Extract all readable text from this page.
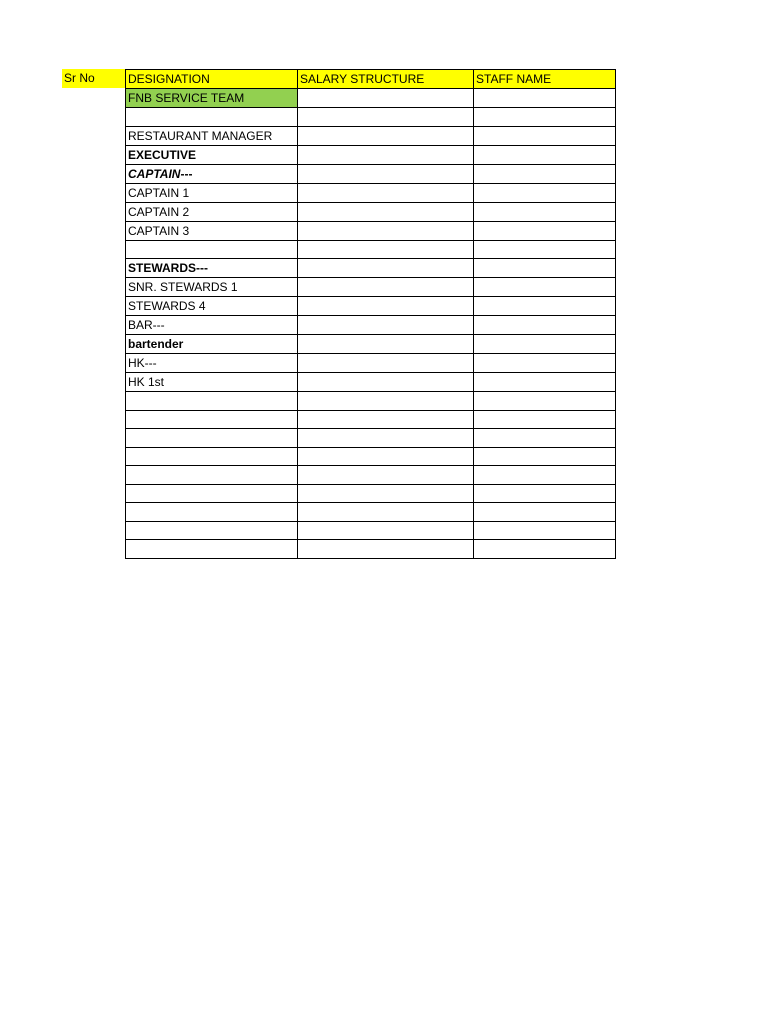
Sr No	DESIGNATION	SALARY STRUCTURE	STAFF NAME
FNB SERVICE TEAM		

RESTAURANT MANAGER		
EXECUTIVE		
CAPTAIN---		
CAPTAIN 1		
CAPTAIN 2		
CAPTAIN 3		

STEWARDS---		
SNR. STEWARDS 1		
STEWARDS 4		
BAR---		
bartender		
HK---		
HK 1st		
